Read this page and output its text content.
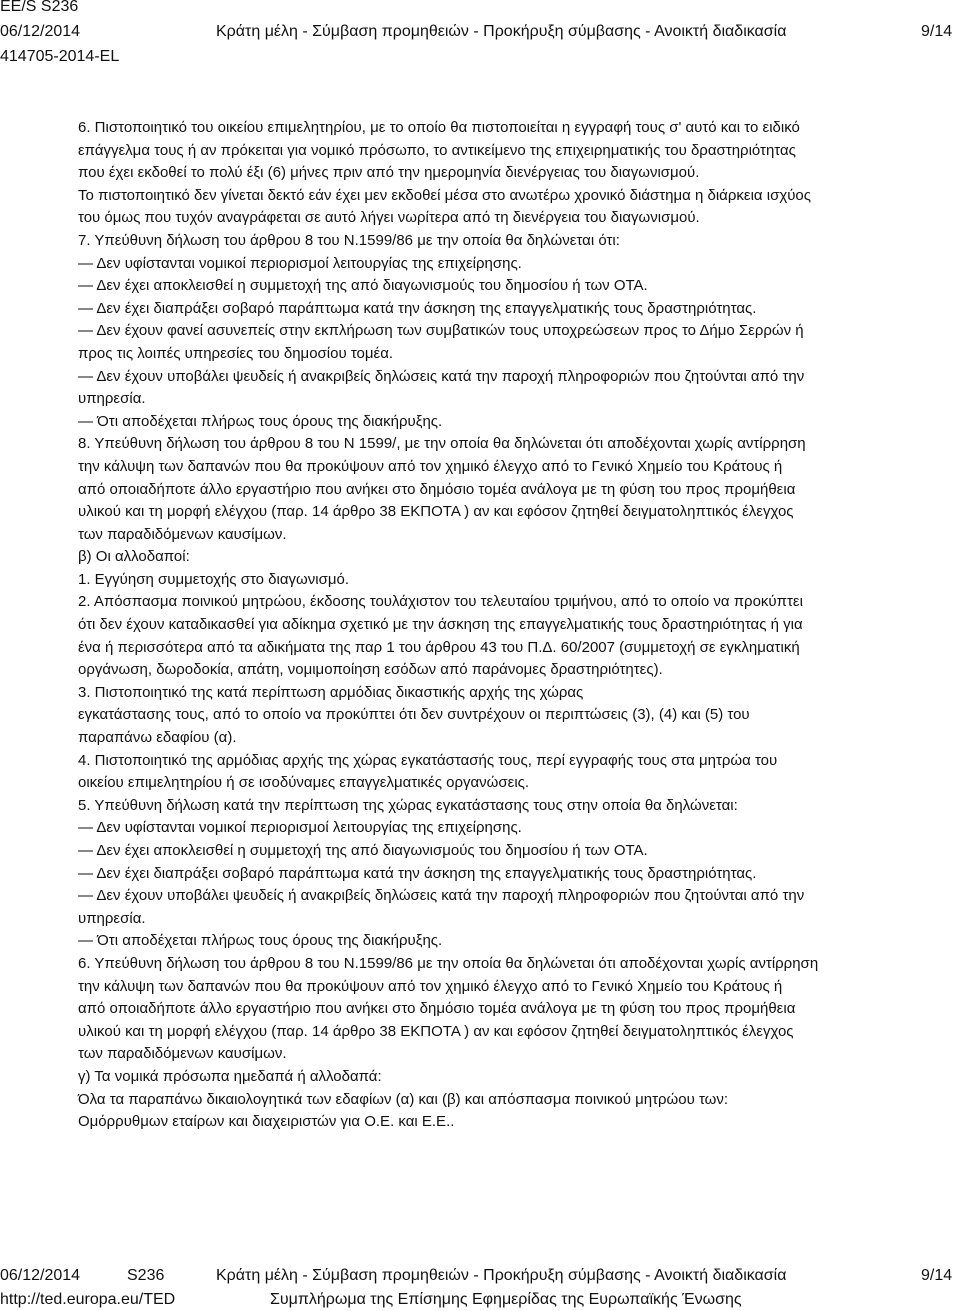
EE/S S236
06/12/2014	Κράτη μέλη - Σύμβαση προμηθειών - Προκήρυξη σύμβασης - Ανοικτή διαδικασία	9/14
414705-2014-EL

6. Πιστοποιητικό του οικείου επιμελητηρίου, με το οποίο θα πιστοποιείται η εγγραφή τους σ' αυτό και το ειδικό

επάγγελμα τους ή αν πρόκειται για νομικό πρόσωπο, το αντικείμενο της επιχειρηματικής του δραστηριότητας

που έχει εκδοθεί το πολύ έξι (6) μήνες πριν από την ημερομηνία διενέργειας του διαγωνισμού.

Το πιστοποιητικό δεν γίνεται δεκτό εάν έχει μεν εκδοθεί μέσα στο ανωτέρω χρονικό διάστημα η διάρκεια ισχύος

του όμως που τυχόν αναγράφεται σε αυτό λήγει νωρίτερα από τη διενέργεια του διαγωνισμού.

7. Υπεύθυνη δήλωση του άρθρου 8 του Ν.1599/86 με την οποία θα δηλώνεται ότι:

— Δεν υφίστανται νομικοί περιορισμοί λειτουργίας της επιχείρησης.

— Δεν έχει αποκλεισθεί η συμμετοχή της από διαγωνισμούς του δημοσίου ή των ΟΤΑ.

— Δεν έχει διαπράξει σοβαρό παράπτωμα κατά την άσκηση της επαγγελματικής τους δραστηριότητας.

— Δεν έχουν φανεί ασυνεπείς στην εκπλήρωση των συμβατικών τους υποχρεώσεων προς το Δήμο Σερρών ή

προς τις λοιπές υπηρεσίες του δημοσίου τομέα.

— Δεν έχουν υποβάλει ψευδείς ή ανακριβείς δηλώσεις κατά την παροχή πληροφοριών που ζητούνται από την

υπηρεσία.

— Ότι αποδέχεται πλήρως τους όρους της διακήρυξης.

8. Υπεύθυνη δήλωση του άρθρου 8 του Ν 1599/, με την οποία θα δηλώνεται ότι αποδέχονται χωρίς αντίρρηση

την κάλυψη των δαπανών που θα προκύψουν από τον χημικό έλεγχο από το Γενικό Χημείο του Κράτους ή

από οποιαδήποτε άλλο εργαστήριο που ανήκει στο δημόσιο τομέα ανάλογα με τη φύση του προς προμήθεια

υλικού και τη μορφή ελέγχου (παρ. 14 άρθρο 38 ΕΚΠΟΤΑ ) αν και εφόσον ζητηθεί δειγματοληπτικός έλεγχος

των παραδιδόμενων καυσίμων.

β) Οι αλλοδαποί:

1. Εγγύηση συμμετοχής στο διαγωνισμό.

2. Απόσπασμα ποινικού μητρώου, έκδοσης τουλάχιστον του τελευταίου τριμήνου, από το οποίο να προκύπτει

ότι δεν έχουν καταδικασθεί για αδίκημα σχετικό με την άσκηση της επαγγελματικής τους δραστηριότητας ή για

ένα ή περισσότερα από τα αδικήματα της παρ 1 του άρθρου 43 του Π.Δ. 60/2007 (συμμετοχή σε εγκληματική

οργάνωση, δωροδοκία, απάτη, νομιμοποίηση εσόδων από παράνομες δραστηριότητες).

3. Πιστοποιητικό της κατά περίπτωση αρμόδιας δικαστικής αρχής της χώρας

εγκατάστασης τους, από το οποίο να προκύπτει ότι δεν συντρέχουν οι περιπτώσεις (3), (4) και (5) του

παραπάνω εδαφίου (α).

4. Πιστοποιητικό της αρμόδιας αρχής της χώρας εγκατάστασής τους, περί εγγραφής τους στα μητρώα του

οικείου επιμελητηρίου ή σε ισοδύναμες επαγγελματικές οργανώσεις.

5. Υπεύθυνη δήλωση κατά την περίπτωση της χώρας εγκατάστασης τους στην οποία θα δηλώνεται:

— Δεν υφίστανται νομικοί περιορισμοί λειτουργίας της επιχείρησης.

— Δεν έχει αποκλεισθεί η συμμετοχή της από διαγωνισμούς του δημοσίου ή των ΟΤΑ.

— Δεν έχει διαπράξει σοβαρό παράπτωμα κατά την άσκηση της επαγγελματικής τους δραστηριότητας.

— Δεν έχουν υποβάλει ψευδείς ή ανακριβείς δηλώσεις κατά την παροχή πληροφοριών που ζητούνται από την

υπηρεσία.

— Ότι αποδέχεται πλήρως τους όρους της διακήρυξης.

6. Υπεύθυνη δήλωση του άρθρου 8 του Ν.1599/86 με την οποία θα δηλώνεται ότι αποδέχονται χωρίς αντίρρηση

την κάλυψη των δαπανών που θα προκύψουν από τον χημικό έλεγχο από το Γενικό Χημείο του Κράτους ή

από οποιαδήποτε άλλο εργαστήριο που ανήκει στο δημόσιο τομέα ανάλογα με τη φύση του προς προμήθεια

υλικού και τη μορφή ελέγχου (παρ. 14 άρθρο 38 ΕΚΠΟΤΑ ) αν και εφόσον ζητηθεί δειγματοληπτικός έλεγχος

των παραδιδόμενων καυσίμων.

γ) Τα νομικά πρόσωπα ημεδαπά ή αλλοδαπά:

Όλα τα παραπάνω δικαιολογητικά των εδαφίων (α) και (β) και απόσπασμα ποινικού μητρώου των:

Ομόρρυθμων εταίρων και διαχειριστών για Ο.Ε. και Ε.Ε..

06/12/2014	S236	Κράτη μέλη - Σύμβαση προμηθειών - Προκήρυξη σύμβασης - Ανοικτή διαδικασία	9/14
http://ted.europa.eu/TED	Συμπλήρωμα της Επίσημης Εφημερίδας της Ευρωπαϊκής Ένωσης
